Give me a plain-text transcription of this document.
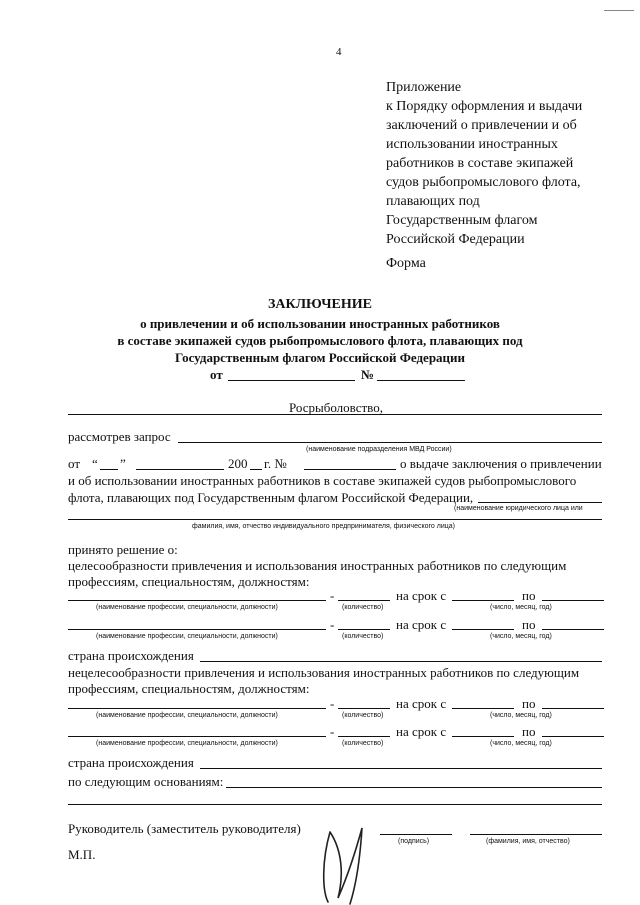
4
Приложение
к Порядку оформления и выдачи
заключений о привлечении и об
использовании иностранных
работников в составе экипажей
судов рыбопромыслового флота,
плавающих под
Государственным флагом
Российской Федерации
Форма
ЗАКЛЮЧЕНИЕ
о привлечении и об использовании иностранных работников
в составе экипажей судов рыбопромыслового флота, плавающих под
Государственным флагом Российской Федерации
от	№
Росрыболовство,
рассмотрев запрос
(наименование подразделения МВД России)
от “ ”	200 г. №	о выдаче заключения о привлечении
и об использовании иностранных работников в составе экипажей судов рыбопромыслового
флота, плавающих под Государственным флагом Российской Федерации,
(наименование юридического лица или
фамилия, имя, отчество индивидуального предпринимателя, физического лица)
принято решение о:
целесообразности привлечения и использования иностранных работников по следующим
профессиям, специальностям, должностям:
-	на срок с	по
(наименование профессии, специальности, должности)	(количество)	(число, месяц, год)
-	на срок с	по
(наименование профессии, специальности, должности)	(количество)	(число, месяц, год)
страна происхождения
нецелесообразности привлечения и использования иностранных работников по следующим
профессиям, специальностям, должностям:
-	на срок с	по
(наименование профессии, специальности, должности)	(количество)	(число, месяц, год)
-	на срок с	по
(наименование профессии, специальности, должности)	(количество)	(число, месяц, год)
страна происхождения
по следующим основаниям:
Руководитель (заместитель руководителя)
(подпись)	(фамилия, имя, отчество)
М.П.
